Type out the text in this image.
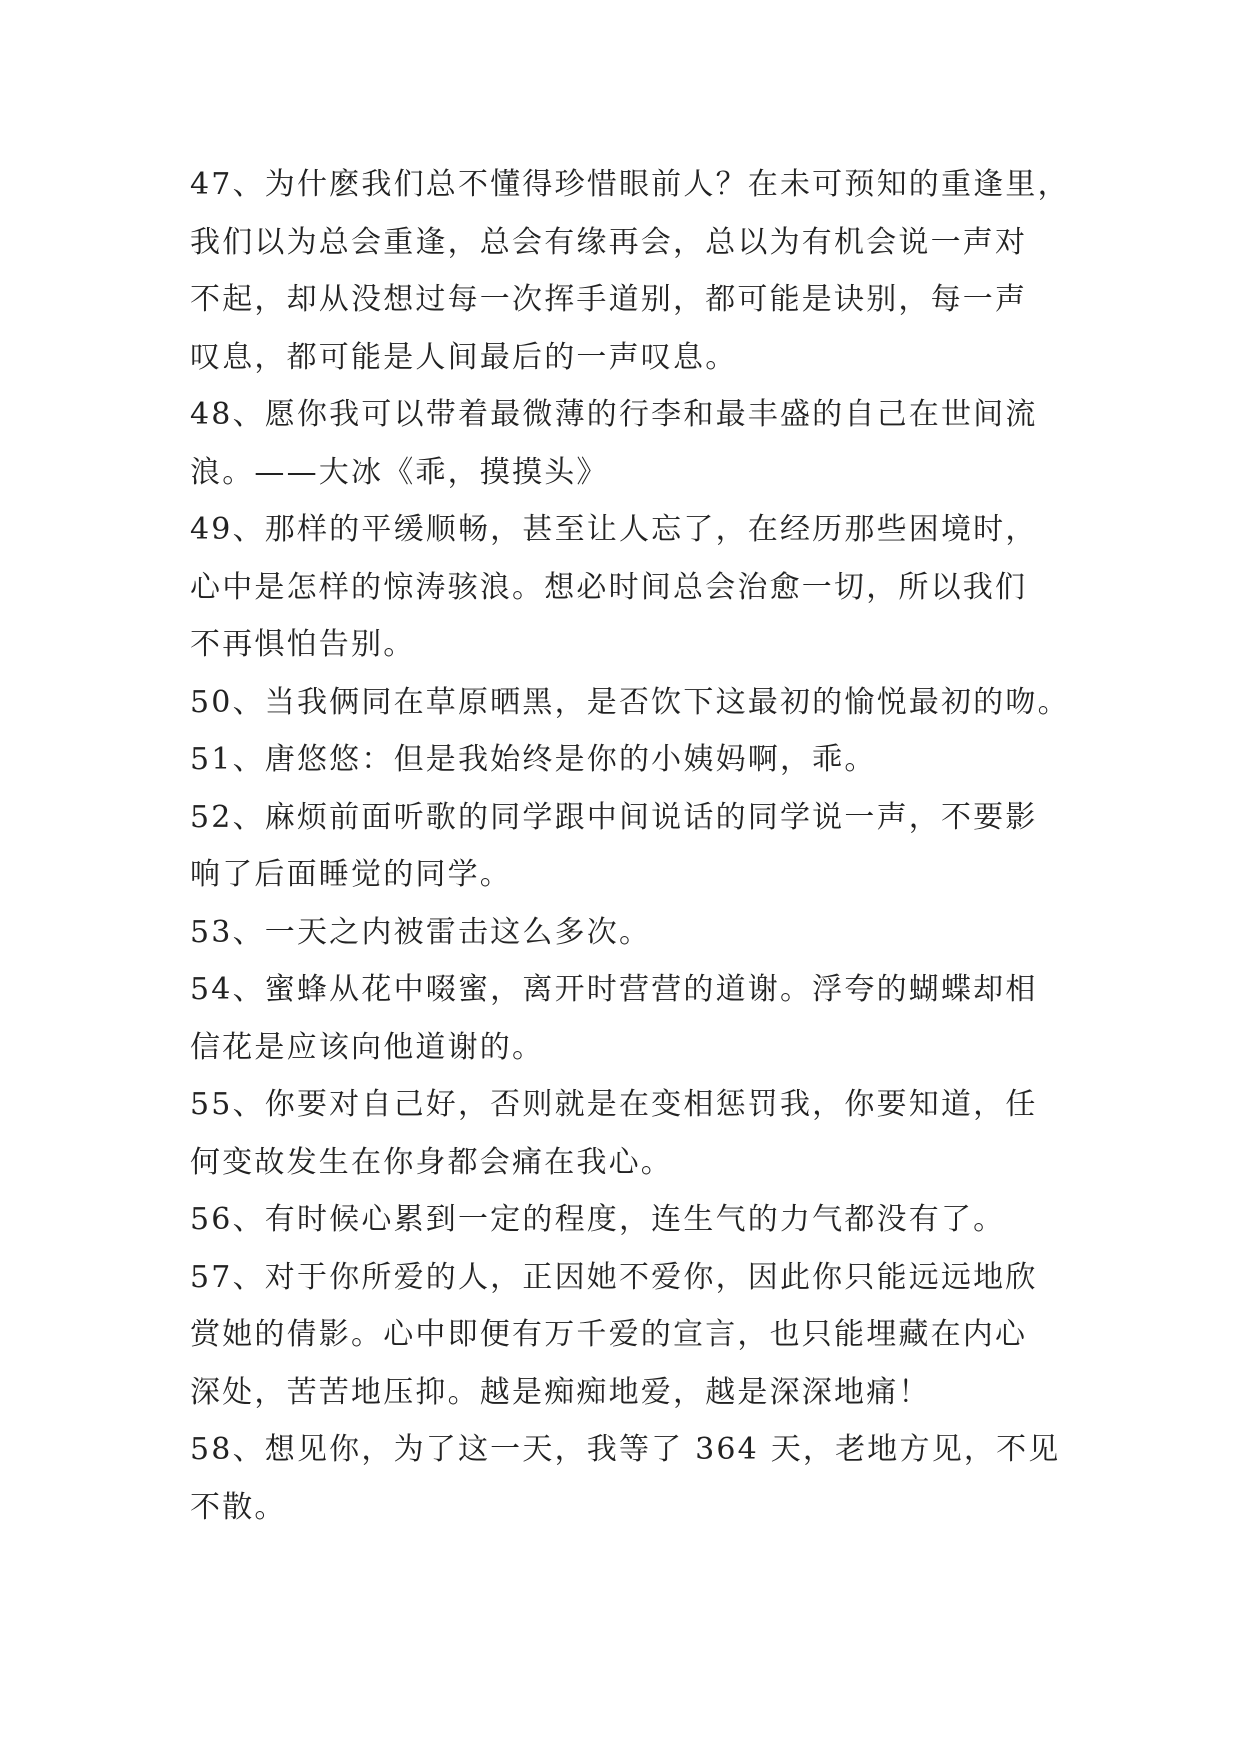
47、为什麽我们总不懂得珍惜眼前人？在未可预知的重逢里，
我们以为总会重逢，总会有缘再会，总以为有机会说一声对
不起，却从没想过每一次挥手道别，都可能是诀别，每一声
叹息，都可能是人间最后的一声叹息。
48、愿你我可以带着最微薄的行李和最丰盛的自己在世间流
浪。——大冰《乖，摸摸头》
49、那样的平缓顺畅，甚至让人忘了，在经历那些困境时，
心中是怎样的惊涛骇浪。想必时间总会治愈一切，所以我们
不再惧怕告别。
50、当我俩同在草原晒黑，是否饮下这最初的愉悦最初的吻。
51、唐悠悠：但是我始终是你的小姨妈啊，乖。
52、麻烦前面听歌的同学跟中间说话的同学说一声，不要影
响了后面睡觉的同学。
53、一天之内被雷击这么多次。
54、蜜蜂从花中啜蜜，离开时营营的道谢。浮夸的蝴蝶却相
信花是应该向他道谢的。
55、你要对自己好，否则就是在变相惩罚我，你要知道，任
何变故发生在你身都会痛在我心。
56、有时候心累到一定的程度，连生气的力气都没有了。
57、对于你所爱的人，正因她不爱你，因此你只能远远地欣
赏她的倩影。心中即便有万千爱的宣言，也只能埋藏在内心
深处，苦苦地压抑。越是痴痴地爱，越是深深地痛！
58、想见你，为了这一天，我等了 364 天，老地方见，不见
不散。
